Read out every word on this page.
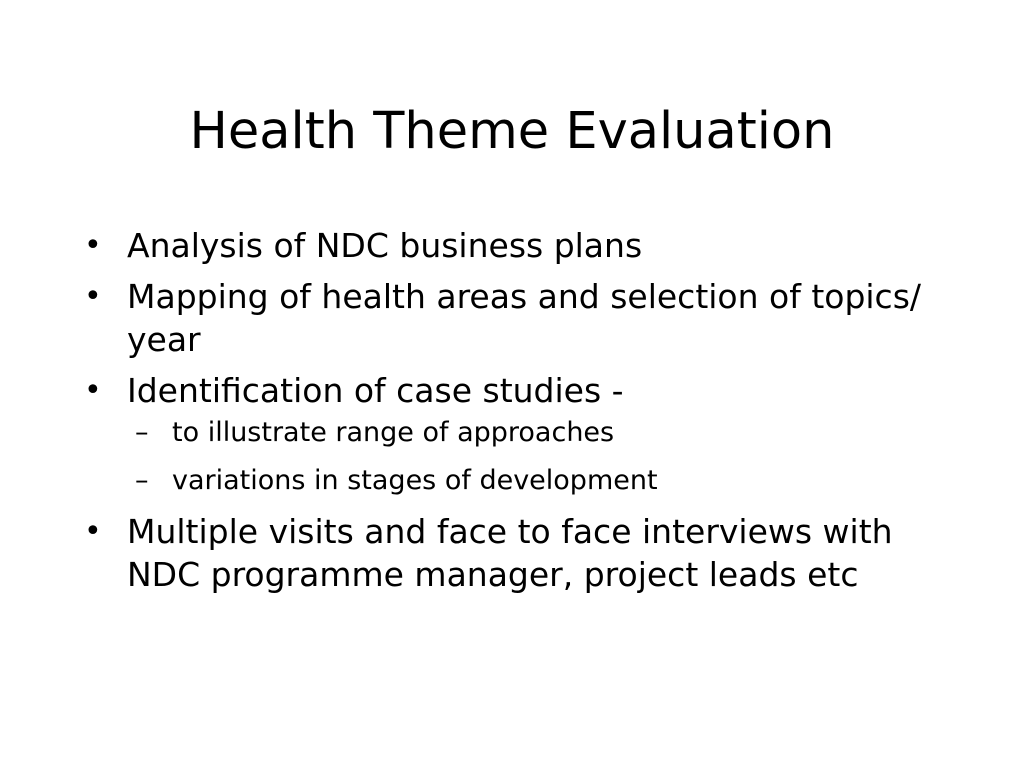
Health Theme Evaluation
• Analysis of NDC business plans
• Mapping of health areas and selection of topics/ year
• Identification of case studies -
– to illustrate range of approaches
– variations in stages of development
• Multiple visits and face to face interviews with NDC programme manager, project leads etc
